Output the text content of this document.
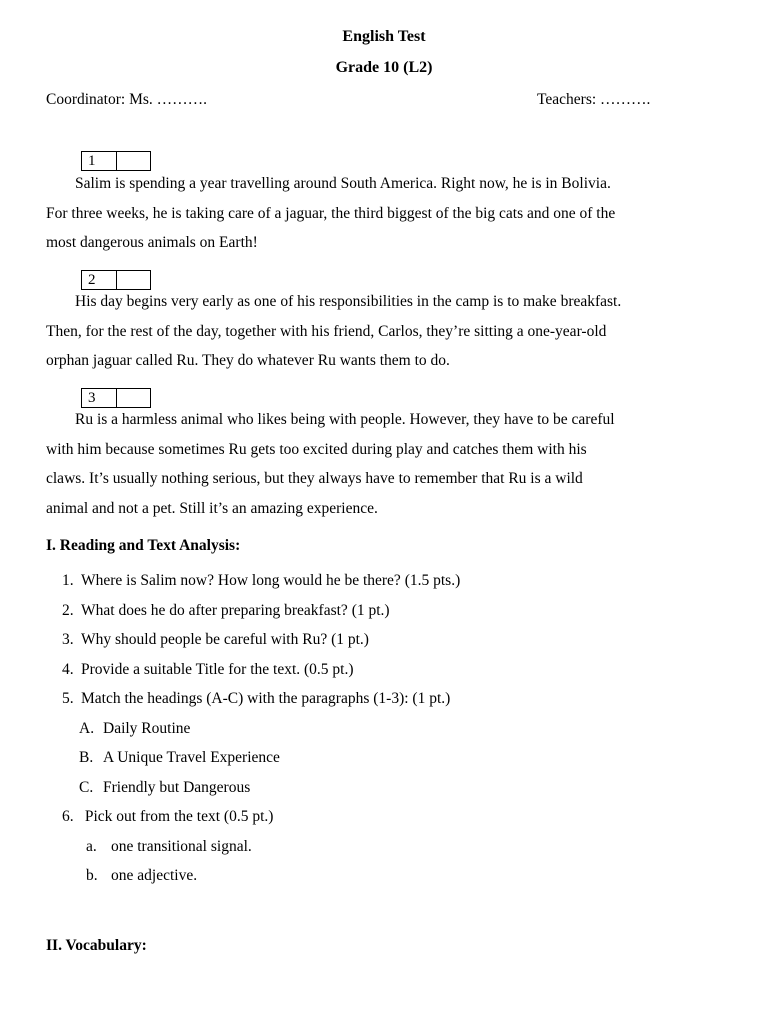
English Test
Grade 10 (L2)
Coordinator: Ms. ……….	Teachers: ……….
1
Salim is spending a year travelling around South America. Right now, he is in Bolivia.
For three weeks, he is taking care of a jaguar, the third biggest of the big cats and one of the
most dangerous animals on Earth!
2
His day begins very early as one of his responsibilities in the camp is to make breakfast.
Then, for the rest of the day, together with his friend, Carlos, they’re sitting a one-year-old
orphan jaguar called Ru. They do whatever Ru wants them to do.
3
Ru is a harmless animal who likes being with people. However, they have to be careful
with him because sometimes Ru gets too excited during play and catches them with his
claws. It’s usually nothing serious, but they always have to remember that Ru is a wild
animal and not a pet. Still it’s an amazing experience.
I. Reading and Text Analysis:
1. Where is Salim now? How long would he be there? (1.5 pts.)
2. What does he do after preparing breakfast? (1 pt.)
3. Why should people be careful with Ru? (1 pt.)
4. Provide a suitable Title for the text. (0.5 pt.)
5. Match the headings (A-C) with the paragraphs (1-3): (1 pt.)
A. Daily Routine
B. A Unique Travel Experience
C. Friendly but Dangerous
6. Pick out from the text (0.5 pt.)
a. one transitional signal.
b. one adjective.
II. Vocabulary:
